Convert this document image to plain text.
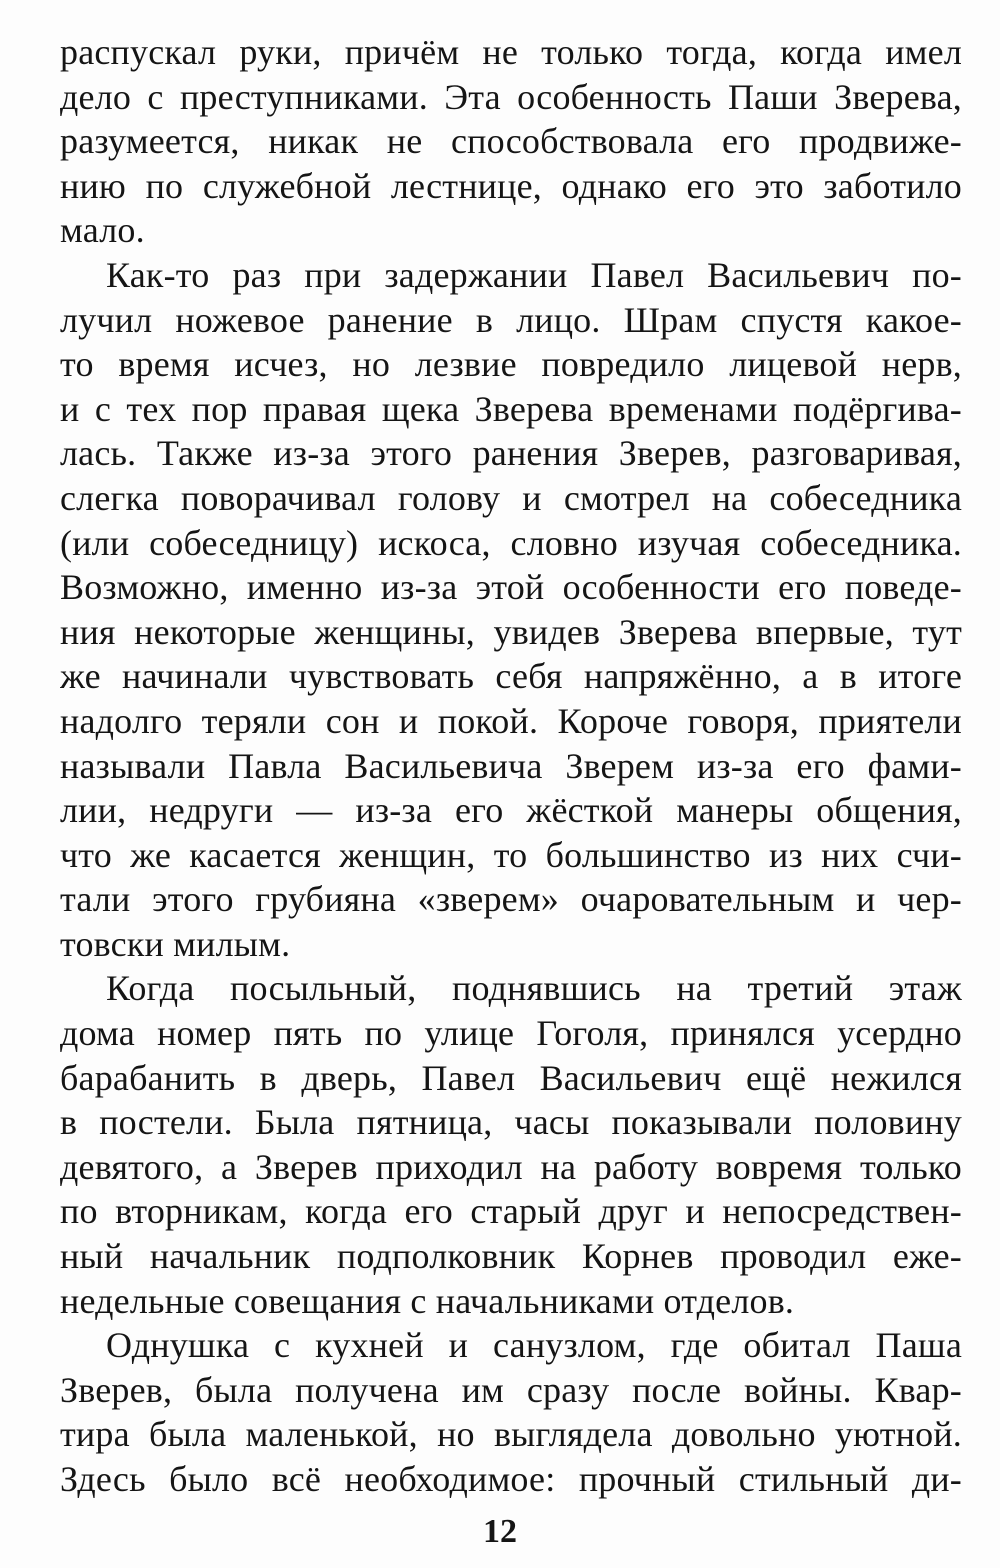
распускал руки, причём не только тогда, когда имел
дело с преступниками. Эта особенность Паши Зверева,
разумеется, никак не способствовала его продвиже-
нию по служебной лестнице, однако его это заботило
мало.
Как-то раз при задержании Павел Васильевич по-
лучил ножевое ранение в лицо. Шрам спустя какое-
то время исчез, но лезвие повредило лицевой нерв,
и с тех пор правая щека Зверева временами подёргива-
лась. Также из-за этого ранения Зверев, разговаривая,
слегка поворачивал голову и смотрел на собеседника
(или собеседницу) искоса, словно изучая собеседника.
Возможно, именно из-за этой особенности его поведе-
ния некоторые женщины, увидев Зверева впервые, тут
же начинали чувствовать себя напряжённо, а в итоге
надолго теряли сон и покой. Короче говоря, приятели
называли Павла Васильевича Зверем из-за его фами-
лии, недруги — из-за его жёсткой манеры общения,
что же касается женщин, то большинство из них счи-
тали этого грубияна «зверем» очаровательным и чер-
товски милым.
Когда посыльный, поднявшись на третий этаж
дома номер пять по улице Гоголя, принялся усердно
барабанить в дверь, Павел Васильевич ещё нежился
в постели. Была пятница, часы показывали половину
девятого, а Зверев приходил на работу вовремя только
по вторникам, когда его старый друг и непосредствен-
ный начальник подполковник Корнев проводил еже-
недельные совещания с начальниками отделов.
Однушка с кухней и санузлом, где обитал Паша
Зверев, была получена им сразу после войны. Квар-
тира была маленькой, но выглядела довольно уютной.
Здесь было всё необходимое: прочный стильный ди-
12
